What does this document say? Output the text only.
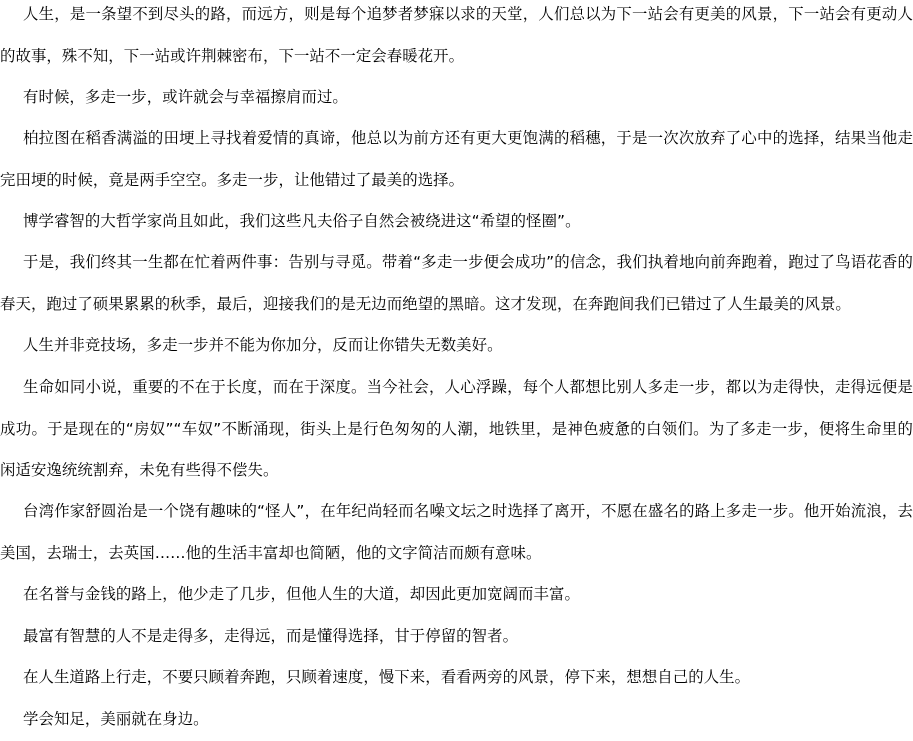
人生，是一条望不到尽头的路，而远方，则是每个追梦者梦寐以求的天堂，人们总以为下一站会有更美的风景，下一站会有更动人的故事，殊不知，下一站或许荆棘密布，下一站不一定会春暖花开。

有时候，多走一步，或许就会与幸福擦肩而过。

柏拉图在稻香满溢的田埂上寻找着爱情的真谛，他总以为前方还有更大更饱满的稻穗，于是一次次放弃了心中的选择，结果当他走完田埂的时候，竟是两手空空。多走一步，让他错过了最美的选择。

博学睿智的大哲学家尚且如此，我们这些凡夫俗子自然会被绕进这“希望的怪圈”。

于是，我们终其一生都在忙着两件事：告别与寻觅。带着“多走一步便会成功”的信念，我们执着地向前奔跑着，跑过了鸟语花香的春天，跑过了硕果累累的秋季，最后，迎接我们的是无边而绝望的黑暗。这才发现，在奔跑间我们已错过了人生最美的风景。

人生并非竞技场，多走一步并不能为你加分，反而让你错失无数美好。

生命如同小说，重要的不在于长度，而在于深度。当今社会，人心浮躁，每个人都想比别人多走一步，都以为走得快，走得远便是成功。于是现在的“房奴”“车奴”不断涌现，街头上是行色匆匆的人潮，地铁里，是神色疲惫的白领们。为了多走一步，便将生命里的闲适安逸统统割弃，未免有些得不偿失。

台湾作家舒圆治是一个饶有趣味的“怪人”，在年纪尚轻而名噪文坛之时选择了离开，不愿在盛名的路上多走一步。他开始流浪，去美国，去瑞士，去英国……他的生活丰富却也简陋，他的文字简洁而颇有意味。

在名誉与金钱的路上，他少走了几步，但他人生的大道，却因此更加宽阔而丰富。

最富有智慧的人不是走得多，走得远，而是懂得选择，甘于停留的智者。

在人生道路上行走，不要只顾着奔跑，只顾着速度，慢下来，看看两旁的风景，停下来，想想自己的人生。

学会知足，美丽就在身边。
